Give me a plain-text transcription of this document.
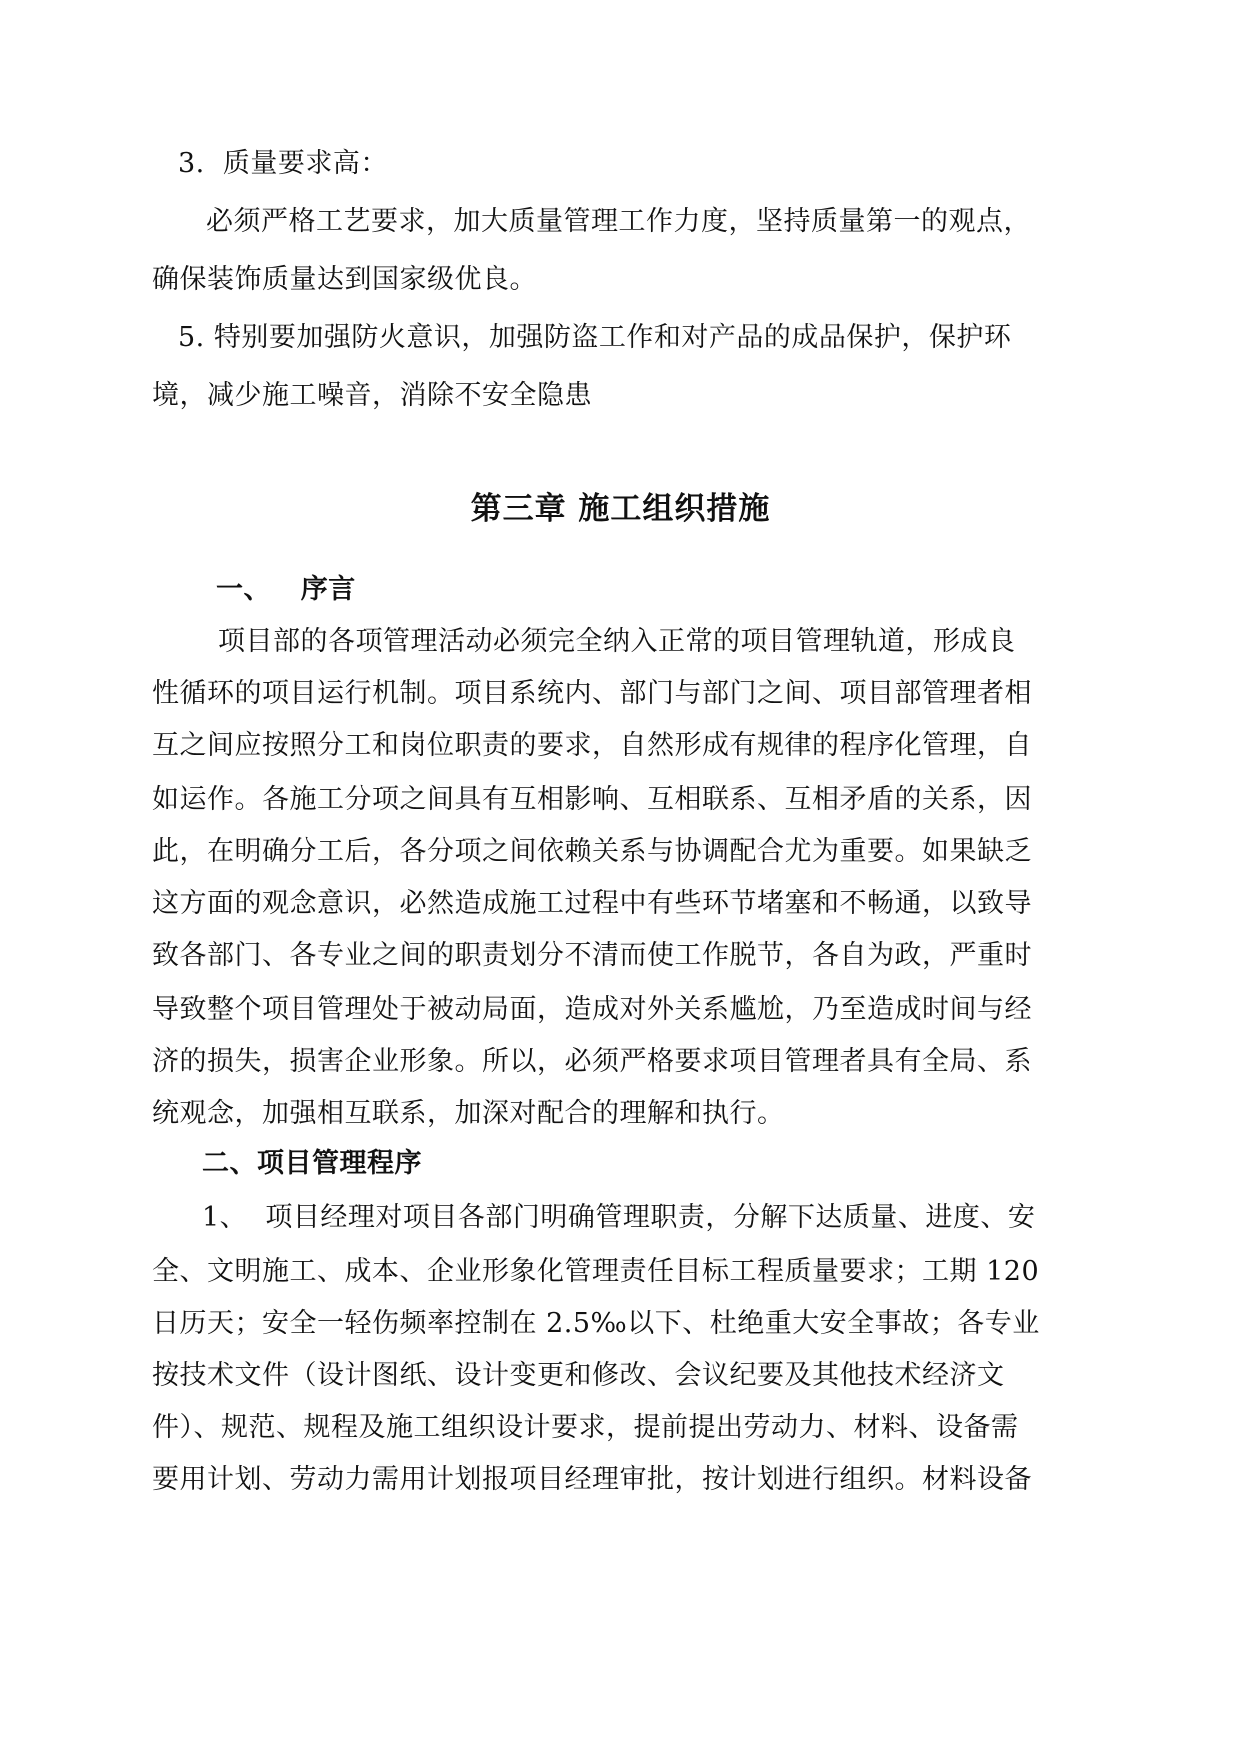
3.  质量要求高：
必须严格工艺要求，加大质量管理工作力度，坚持质量第一的观点，
确保装饰质量达到国家级优良。
5. 特别要加强防火意识，加强防盗工作和对产品的成品保护，保护环
境，减少施工噪音，消除不安全隐患
第三章 施工组织措施
一、   序言
项目部的各项管理活动必须完全纳入正常的项目管理轨道，形成良
性循环的项目运行机制。项目系统内、部门与部门之间、项目部管理者相
互之间应按照分工和岗位职责的要求，自然形成有规律的程序化管理，自
如运作。各施工分项之间具有互相影响、互相联系、互相矛盾的关系，因
此，在明确分工后，各分项之间依赖关系与协调配合尤为重要。如果缺乏
这方面的观念意识，必然造成施工过程中有些环节堵塞和不畅通，以致导
致各部门、各专业之间的职责划分不清而使工作脱节，各自为政，严重时
导致整个项目管理处于被动局面，造成对外关系尴尬，乃至造成时间与经
济的损失，损害企业形象。所以，必须严格要求项目管理者具有全局、系
统观念，加强相互联系，加深对配合的理解和执行。
二、项目管理程序
1、  项目经理对项目各部门明确管理职责，分解下达质量、进度、安
全、文明施工、成本、企业形象化管理责任目标工程质量要求；工期 120
日历天；安全一轻伤频率控制在 2.5‰以下、杜绝重大安全事故；各专业
按技术文件（设计图纸、设计变更和修改、会议纪要及其他技术经济文
件）、规范、规程及施工组织设计要求，提前提出劳动力、材料、设备需
要用计划、劳动力需用计划报项目经理审批，按计划进行组织。材料设备
